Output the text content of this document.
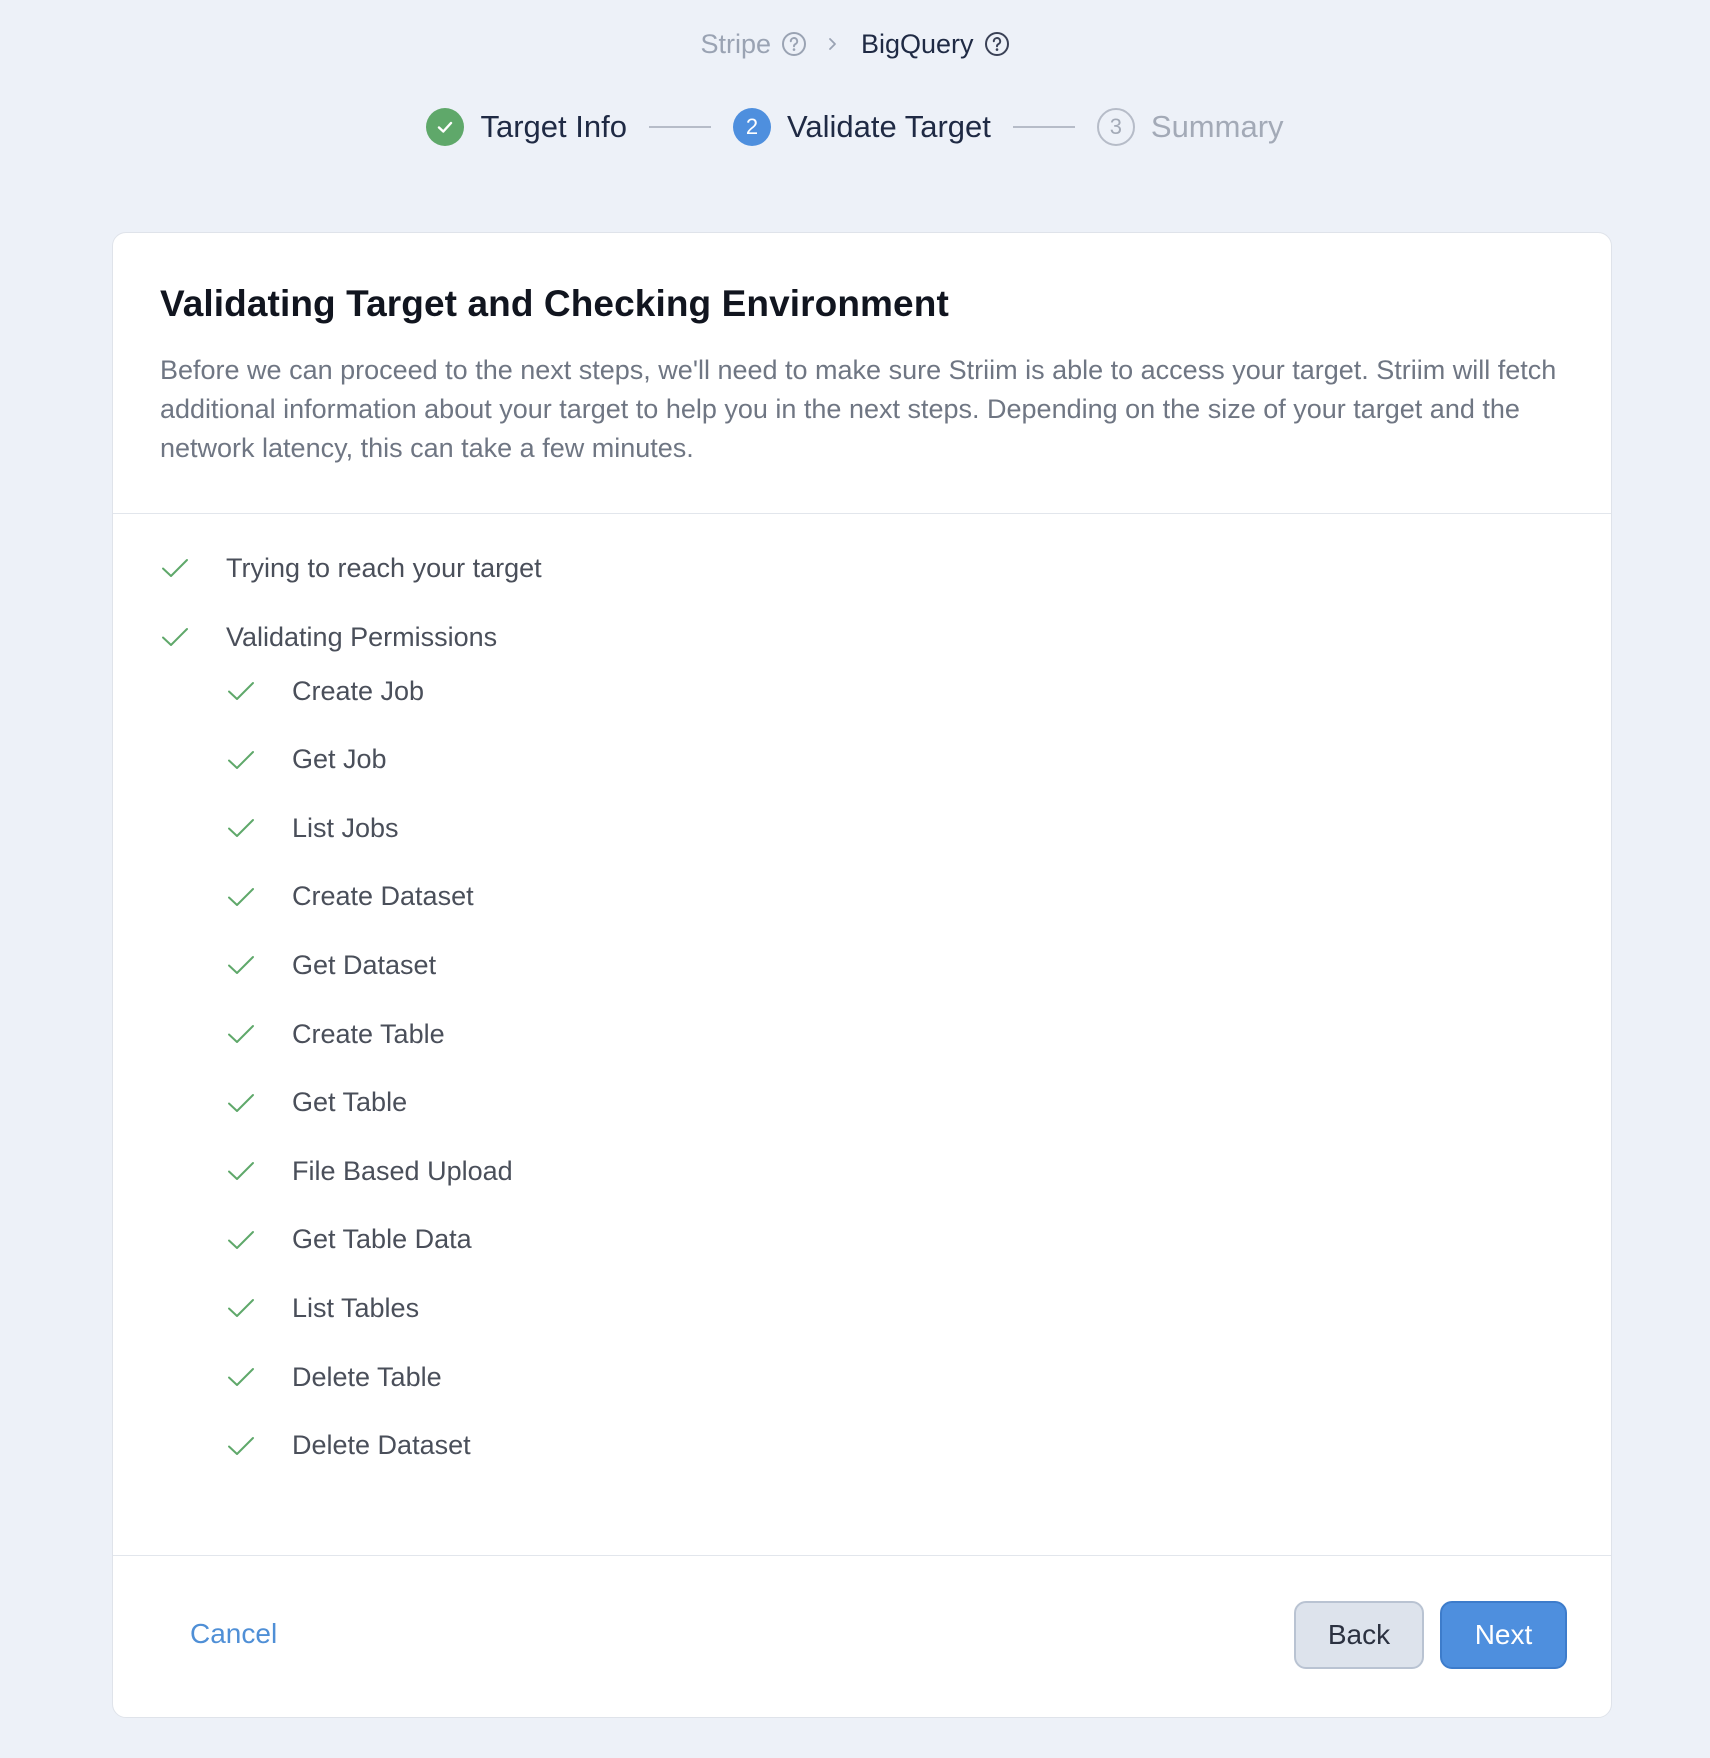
Stripe	BigQuery
Target Info	2 Validate Target	3 Summary
Validating Target and Checking Environment

Before we can proceed to the next steps, we'll need to make sure Striim is able to access your target. Striim will fetch additional information about your target to help you in the next steps. Depending on the size of your target and the network latency, this can take a few minutes.

Trying to reach your target
Validating Permissions
Create Job
Get Job
List Jobs
Create Dataset
Get Dataset
Create Table
Get Table
File Based Upload
Get Table Data
List Tables
Delete Table
Delete Dataset
Cancel	Back	Next
